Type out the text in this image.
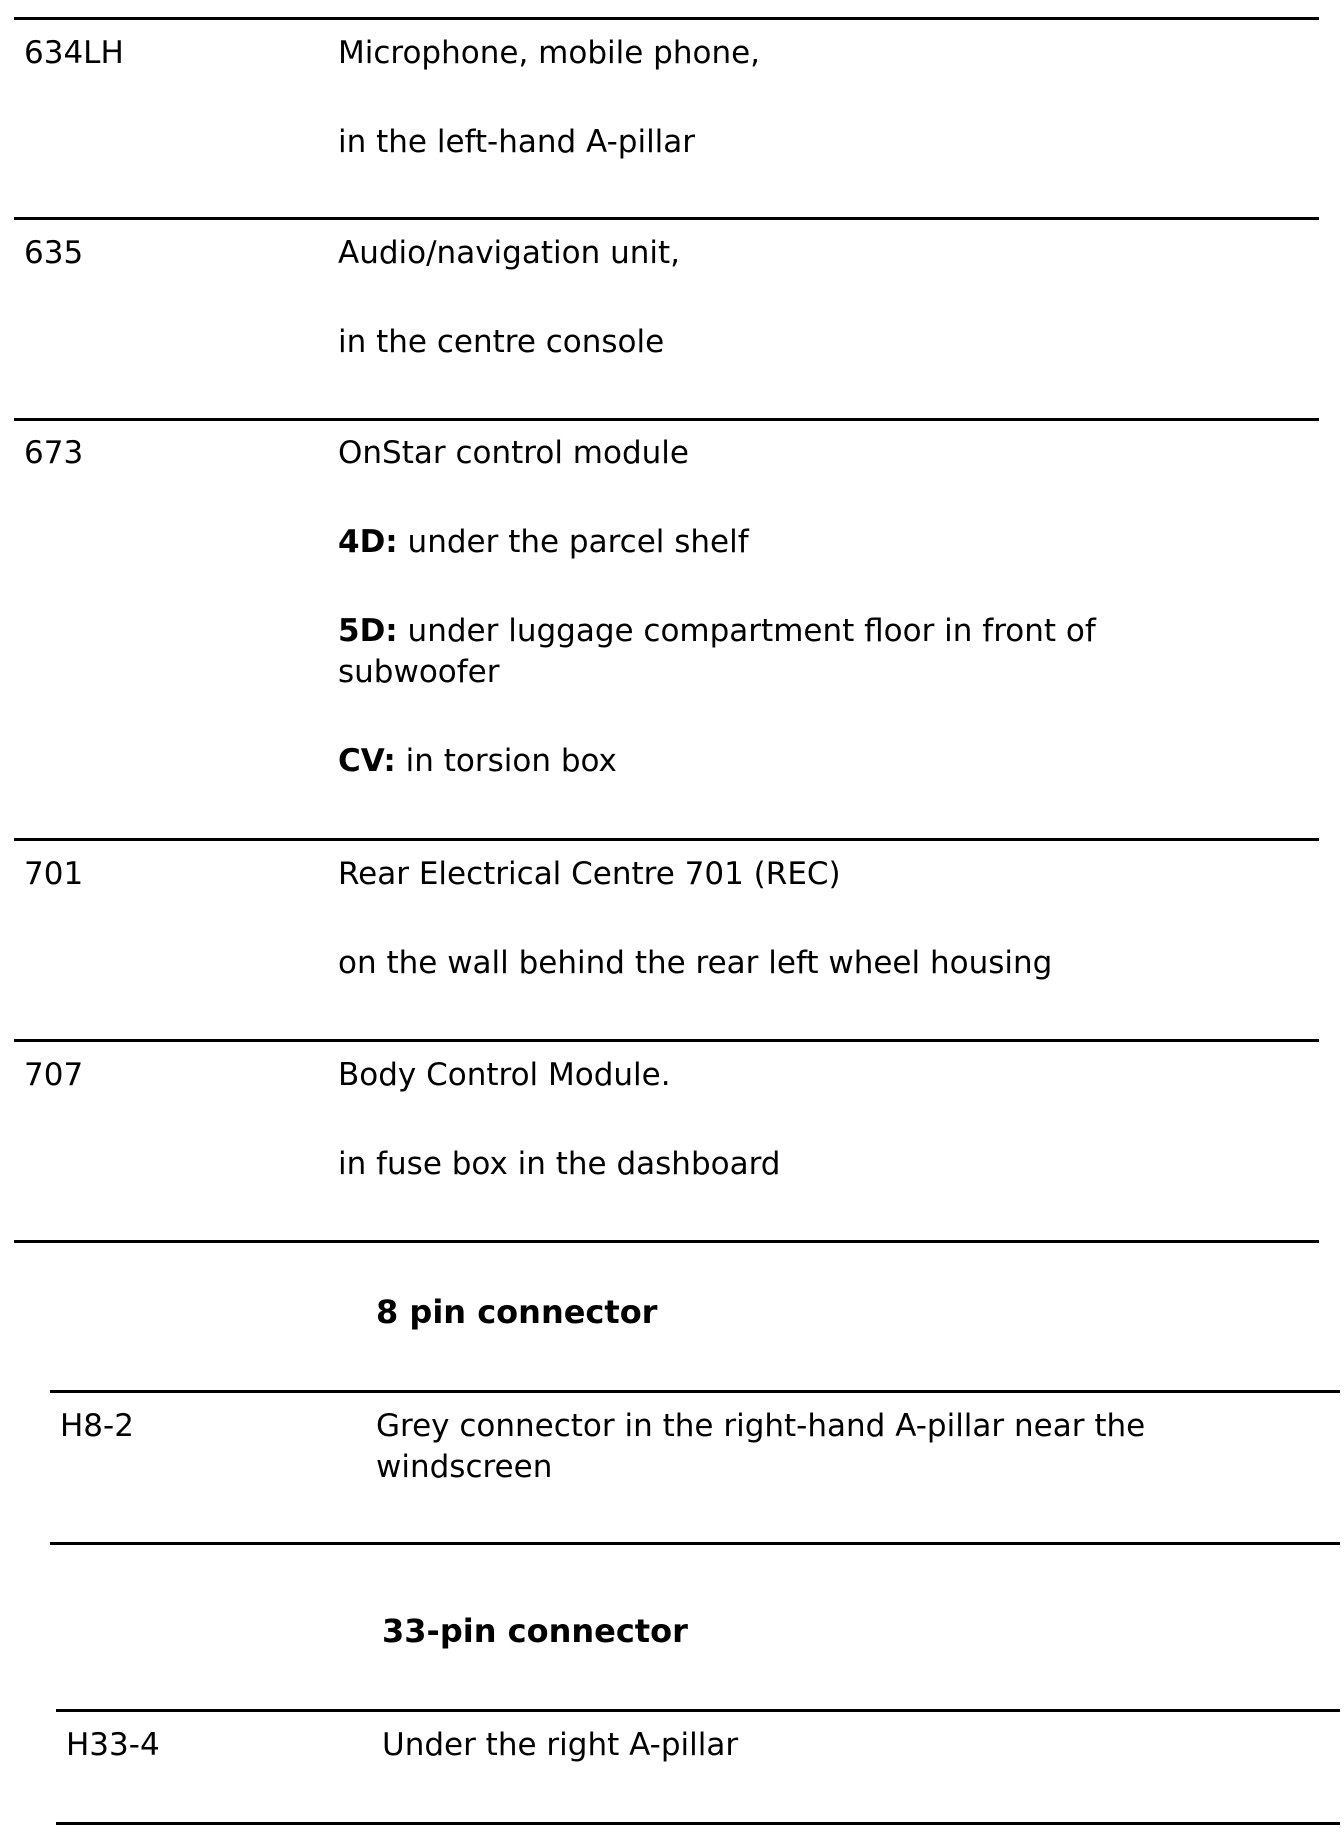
634LH	Microphone, mobile phone,
in the left-hand A-pillar
635	Audio/navigation unit,
in the centre console
673	OnStar control module
4D: under the parcel shelf
5D: under luggage compartment floor in front of subwoofer
CV: in torsion box
701	Rear Electrical Centre 701 (REC)
on the wall behind the rear left wheel housing
707	Body Control Module.
in fuse box in the dashboard
8 pin connector
H8-2	Grey connector in the right-hand A-pillar near the windscreen
33-pin connector
H33-4	Under the right A-pillar
